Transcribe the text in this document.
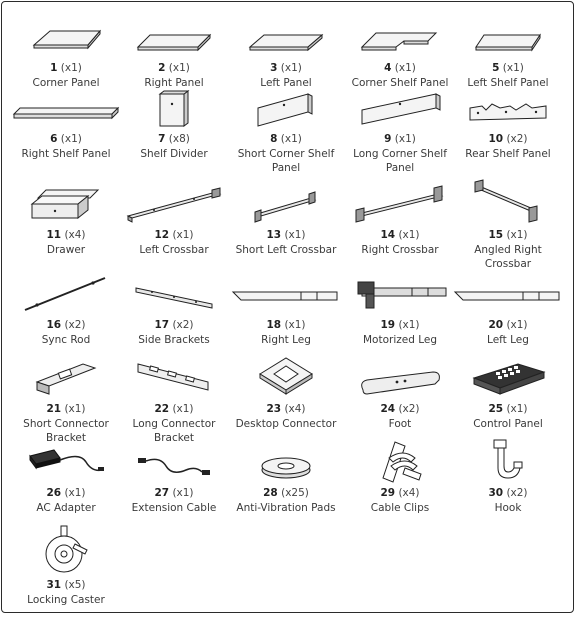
1 (x1)
Corner Panel
2 (x1)
Right Panel
3 (x1)
Left Panel
4 (x1)
Corner Shelf Panel
5 (x1)
Left Shelf Panel
6 (x1)
Right Shelf Panel
7 (x8)
Shelf Divider
8 (x1)
Short Corner Shelf Panel
9 (x1)
Long Corner Shelf Panel
10 (x2)
Rear Shelf Panel
11 (x4)
Drawer
12 (x1)
Left Crossbar
13 (x1)
Short Left Crossbar
14 (x1)
Right Crossbar
15 (x1)
Angled Right Crossbar
16 (x2)
Sync Rod
17 (x2)
Side Brackets
18 (x1)
Right Leg
19 (x1)
Motorized Leg
20 (x1)
Left Leg
21 (x1)
Short Connector Bracket
22 (x1)
Long Connector Bracket
23 (x4)
Desktop Connector
24 (x2)
Foot
25 (x1)
Control Panel
26 (x1)
AC Adapter
27 (x1)
Extension Cable
28 (x25)
Anti-Vibration Pads
29 (x4)
Cable Clips
30 (x2)
Hook
31 (x5)
Locking Caster
